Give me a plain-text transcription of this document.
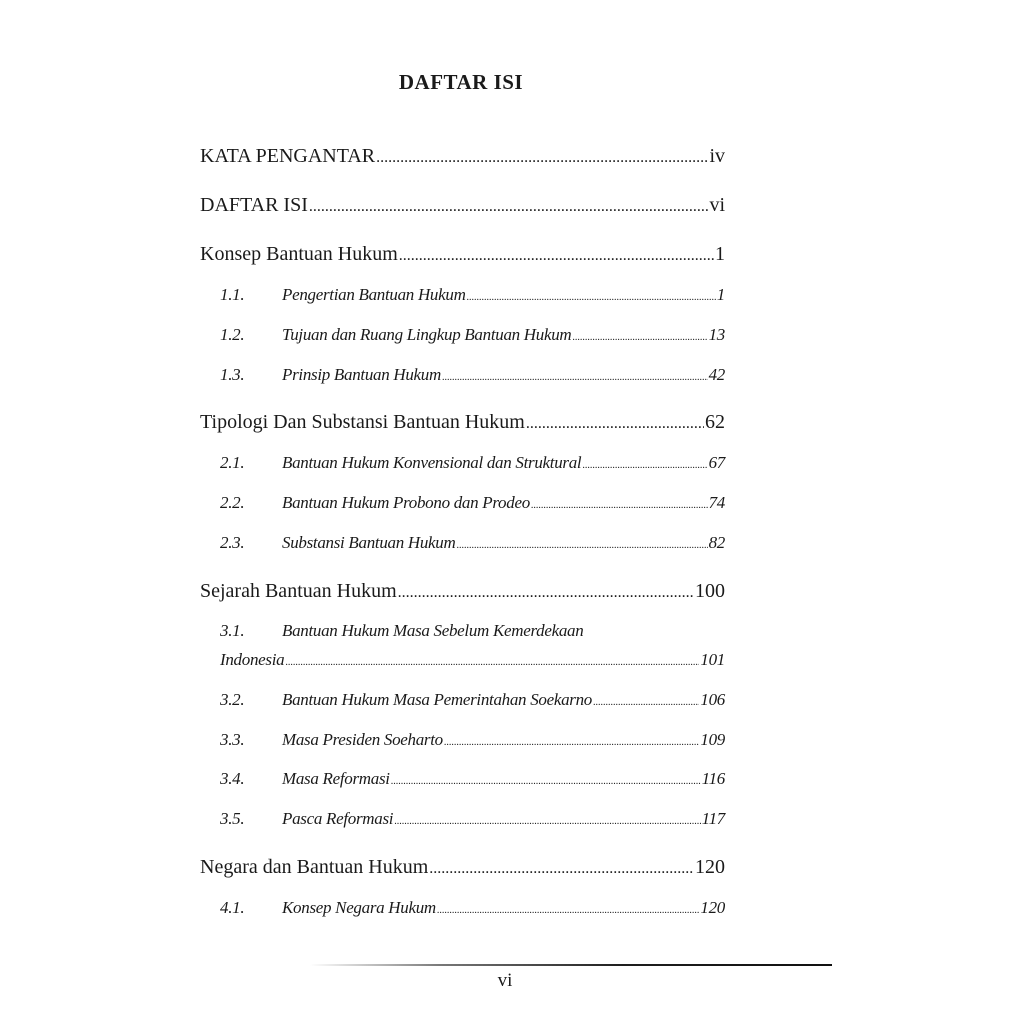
DAFTAR ISI
KATA PENGANTAR .....	iv
DAFTAR ISI .....	vi
Konsep Bantuan Hukum .....	1
1.1.	Pengertian Bantuan Hukum .....	1
1.2.	Tujuan dan Ruang Lingkup Bantuan Hukum .....	13
1.3.	Prinsip Bantuan Hukum .....	42
Tipologi Dan Substansi Bantuan Hukum .....	62
2.1.	Bantuan Hukum Konvensional dan Struktural .....	67
2.2.	Bantuan Hukum Probono dan Prodeo .....	74
2.3.	Substansi Bantuan Hukum .....	82
Sejarah Bantuan Hukum .....	100
3.1. Bantuan Hukum Masa Sebelum Kemerdekaan
Indonesia .....	101
3.2.	Bantuan Hukum Masa Pemerintahan Soekarno .....	106
3.3.	Masa Presiden Soeharto .....	109
3.4.	Masa Reformasi .....	116
3.5.	Pasca Reformasi .....	117
Negara dan Bantuan Hukum .....	120
4.1.	Konsep Negara Hukum .....	120
vi
